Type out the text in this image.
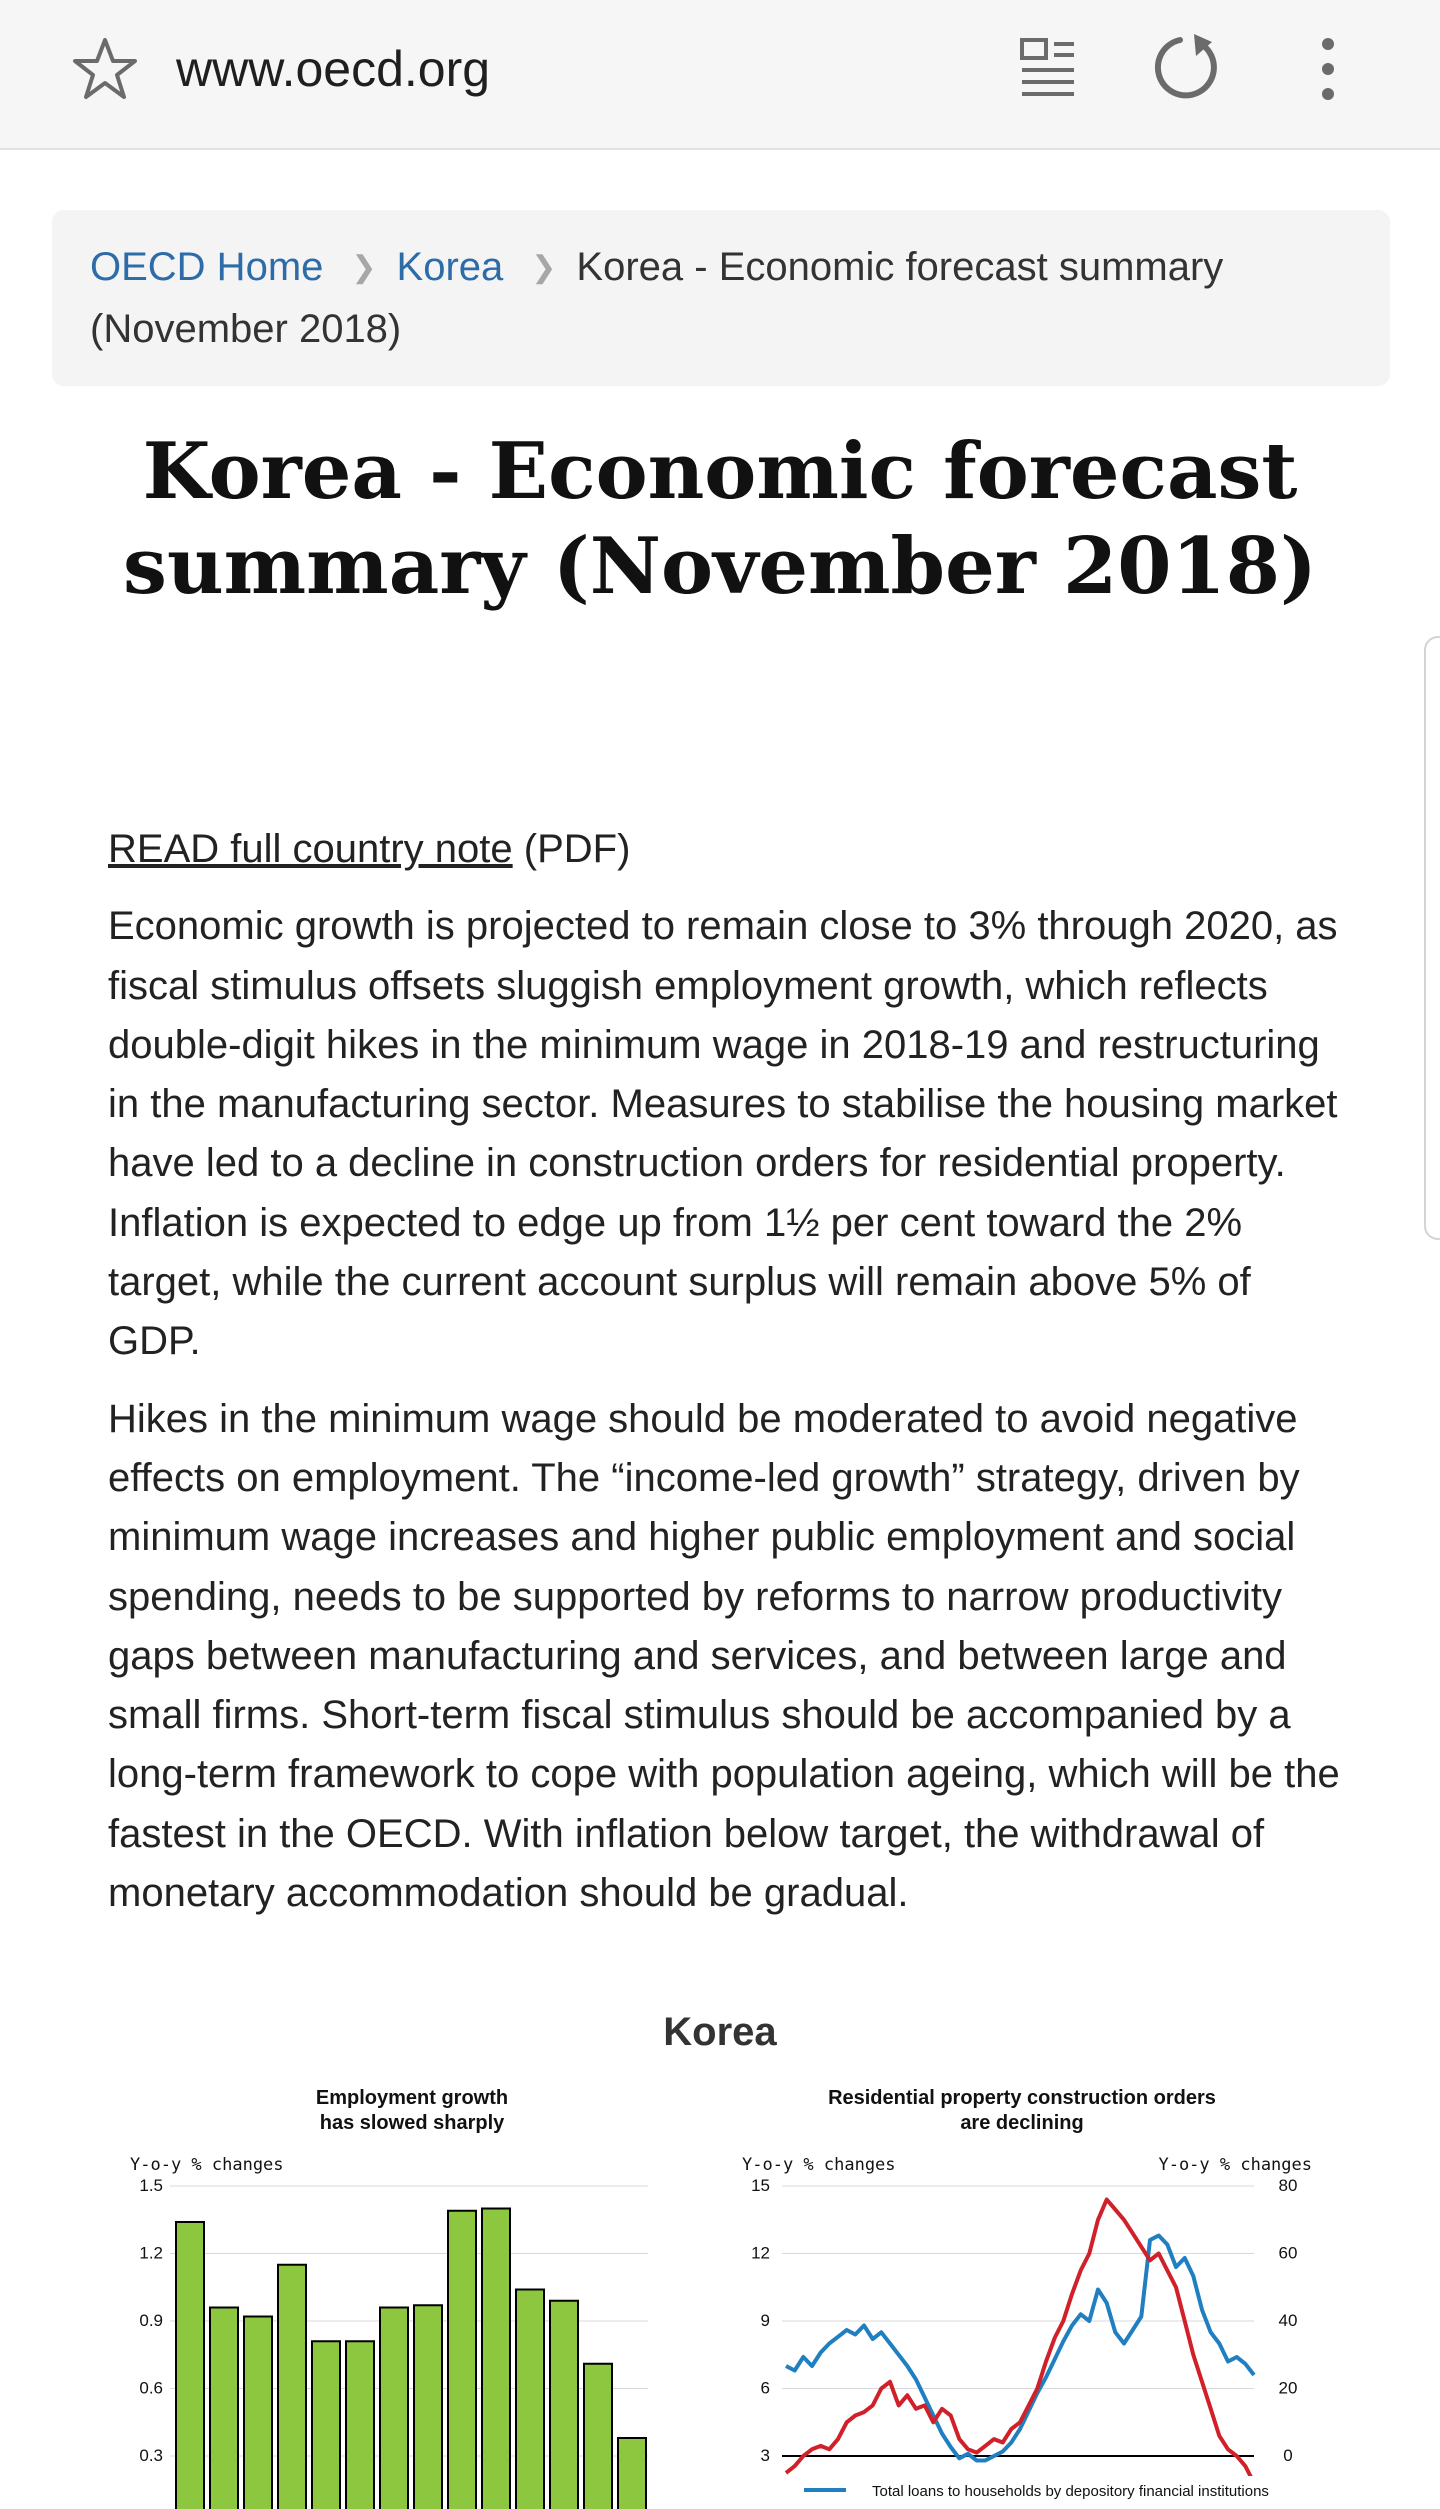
www.oecd.org
OECD Home ❯ Korea ❯ Korea - Economic forecast summary (November 2018)
Korea - Economic forecast summary (November 2018)

READ full country note (PDF)

Economic growth is projected to remain close to 3% through 2020, as fiscal stimulus offsets sluggish employment growth, which reflects double-digit hikes in the minimum wage in 2018-19 and restructuring in the manufacturing sector. Measures to stabilise the housing market have led to a decline in construction orders for residential property. Inflation is expected to edge up from 1½ per cent toward the 2% target, while the current account surplus will remain above 5% of GDP.

Hikes in the minimum wage should be moderated to avoid negative effects on employment. The “income-led growth” strategy, driven by minimum wage increases and higher public employment and social spending, needs to be supported by reforms to narrow productivity gaps between manufacturing and services, and between large and small firms. Short-term fiscal stimulus should be accompanied by a long-term framework to cope with population ageing, which will be the fastest in the OECD. With inflation below target, the withdrawal of monetary accommodation should be gradual.

Korea
Employment growth
has slowed sharply
Y-o-y % changes
1.5
1.2
0.9
0.6
0.3
Residential property construction orders
are declining
Y-o-y % changes	Y-o-y % changes
15
12
9
6
3
80
60
40
20
0
Total loans to households by depository financial institutions
